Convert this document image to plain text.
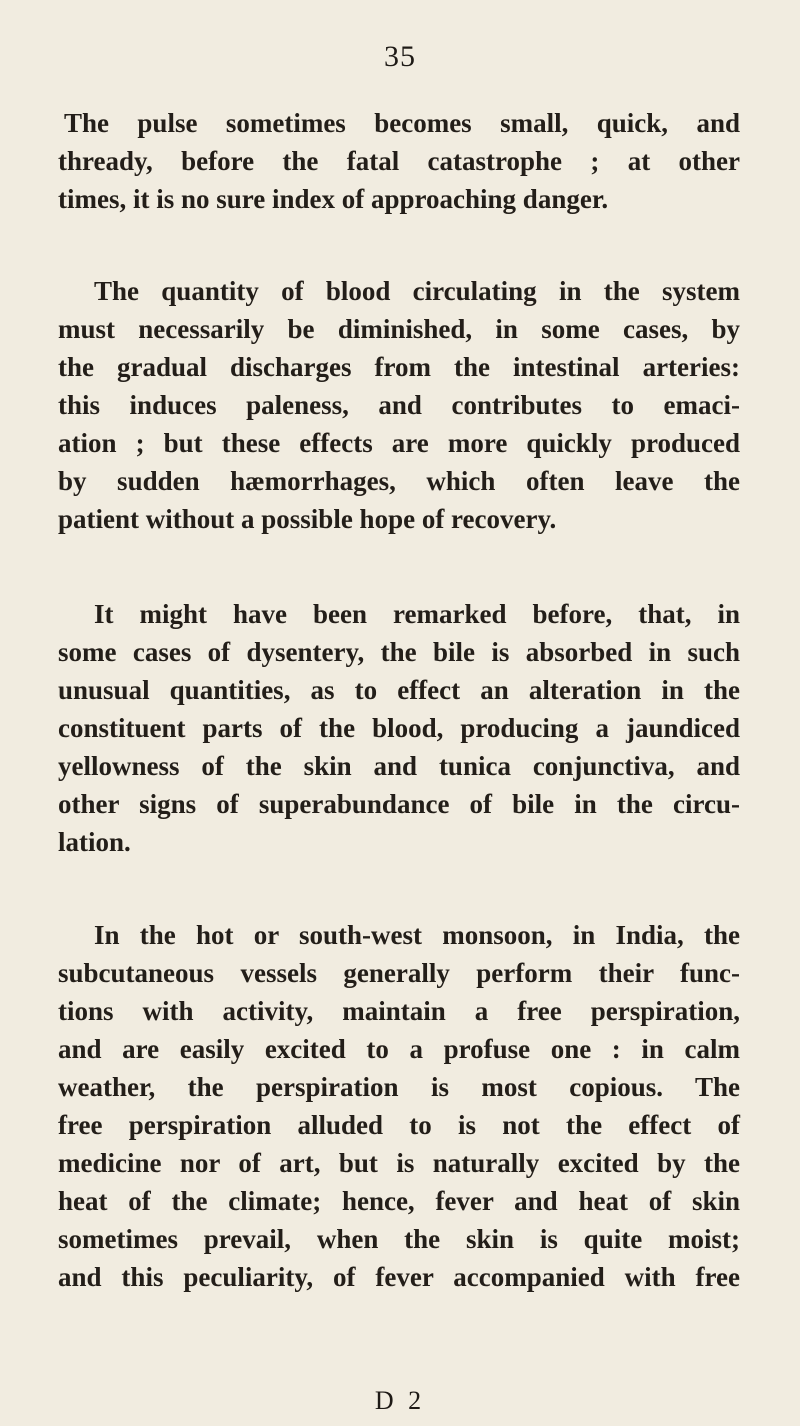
35
The pulse sometimes becomes small, quick, and
thready, before the fatal catastrophe ; at other
times, it is no sure index of approaching danger.
The quantity of blood circulating in the system
must necessarily be diminished, in some cases, by
the gradual discharges from the intestinal arteries:
this induces paleness, and contributes to emaci-
ation ; but these effects are more quickly produced
by sudden hæmorrhages, which often leave the
patient without a possible hope of recovery.
It might have been remarked before, that, in
some cases of dysentery, the bile is absorbed in such
unusual quantities, as to effect an alteration in the
constituent parts of the blood, producing a jaundiced
yellowness of the skin and tunica conjunctiva, and
other signs of superabundance of bile in the circu-
lation.
In the hot or south-west monsoon, in India, the
subcutaneous vessels generally perform their func-
tions with activity, maintain a free perspiration,
and are easily excited to a profuse one : in calm
weather, the perspiration is most copious. The
free perspiration alluded to is not the effect of
medicine nor of art, but is naturally excited by the
heat of the climate; hence, fever and heat of skin
sometimes prevail, when the skin is quite moist;
and this peculiarity, of fever accompanied with free
D 2
